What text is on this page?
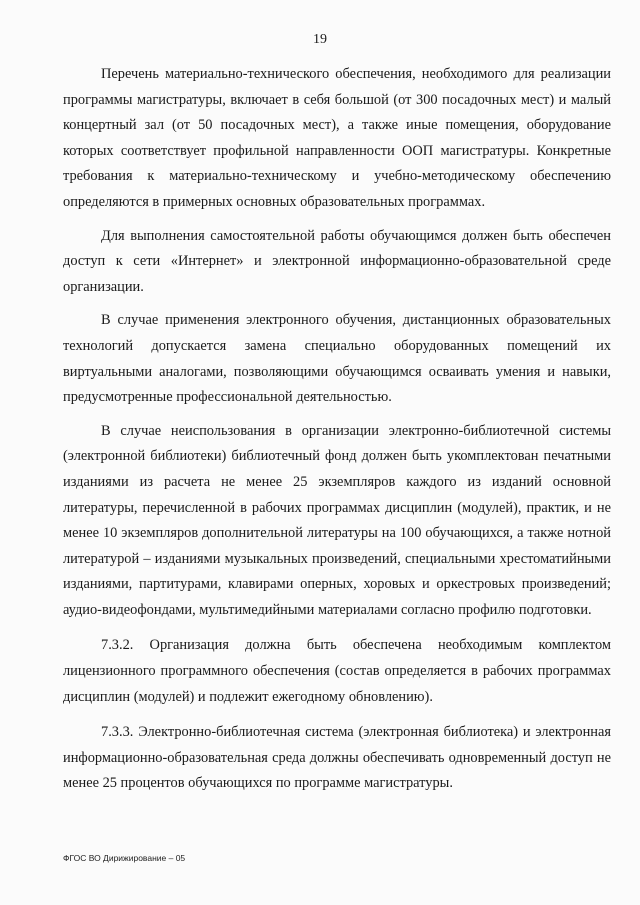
19

Перечень материально-технического обеспечения, необходимого для реализации программы магистратуры, включает в себя большой (от 300 посадочных мест) и малый концертный зал (от 50 посадочных мест), а также иные помещения, оборудование которых соответствует профильной направленности ООП магистратуры. Конкретные требования к материально-техническому и учебно-методическому обеспечению определяются в примерных основных образовательных программах.

Для выполнения самостоятельной работы обучающимся должен быть обеспечен доступ к сети «Интернет» и электронной информационно-образовательной среде организации.

В случае применения электронного обучения, дистанционных образовательных технологий допускается замена специально оборудованных помещений их виртуальными аналогами, позволяющими обучающимся осваивать умения и навыки, предусмотренные профессиональной деятельностью.

В случае неиспользования в организации электронно-библиотечной системы (электронной библиотеки) библиотечный фонд должен быть укомплектован печатными изданиями из расчета не менее 25 экземпляров каждого из изданий основной литературы, перечисленной в рабочих программах дисциплин (модулей), практик, и не менее 10 экземпляров дополнительной литературы на 100 обучающихся, а также нотной литературой – изданиями музыкальных произведений, специальными хрестоматийными изданиями, партитурами, клавирами оперных, хоровых и оркестровых произведений; аудио-видеофондами, мультимедийными материалами согласно профилю подготовки.

7.3.2. Организация должна быть обеспечена необходимым комплектом лицензионного программного обеспечения (состав определяется в рабочих программах дисциплин (модулей) и подлежит ежегодному обновлению).

7.3.3. Электронно-библиотечная система (электронная библиотека) и электронная информационно-образовательная среда должны обеспечивать одновременный доступ не менее 25 процентов обучающихся по программе магистратуры.

ФГОС ВО Дирижирование – 05
